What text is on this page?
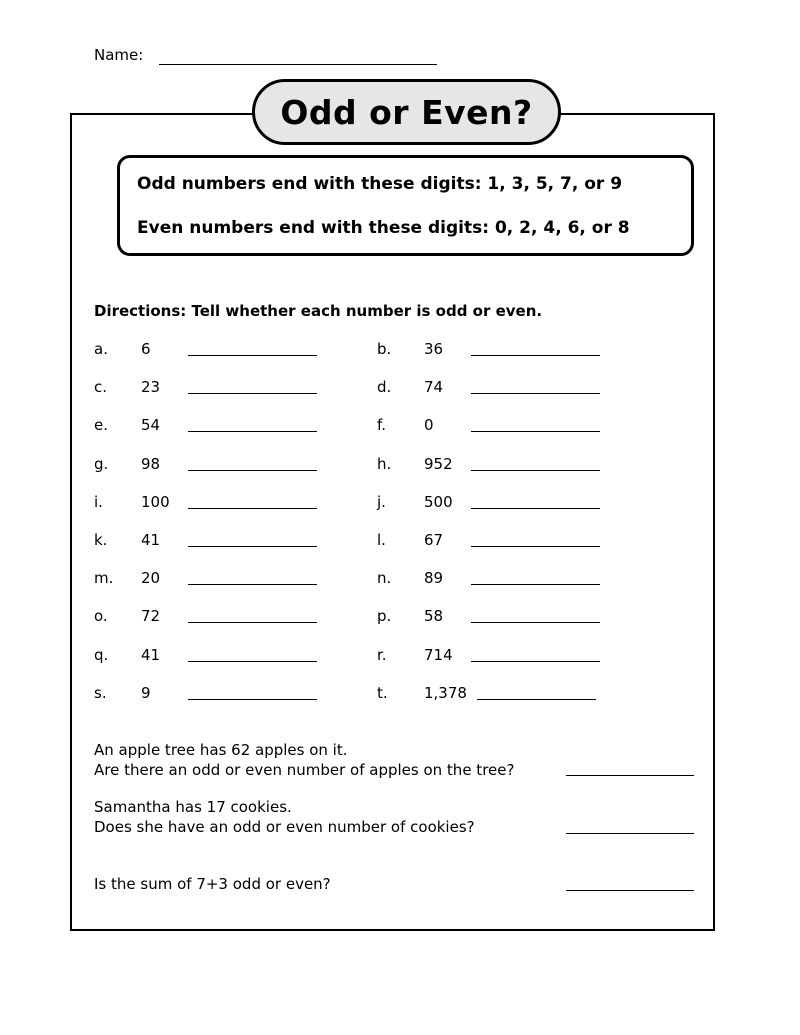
Name:
Odd or Even?
Odd numbers end with these digits: 1, 3, 5, 7, or 9
Even numbers end with these digits: 0, 2, 4, 6, or 8
Directions: Tell whether each number is odd or even.
a. 6	b. 36
c. 23	d. 74
e. 54	f.	0
g. 98	h. 952
i.	100	j.	500
k. 41	l.	67
m. 20	n. 89
o. 72	p. 58
q. 41	r. 714
s. 9	t. 1,378
An apple tree has 62 apples on it.
Are there an odd or even number of apples on the tree?
Samantha has 17 cookies.
Does she have an odd or even number of cookies?
Is the sum of 7+3 odd or even?
